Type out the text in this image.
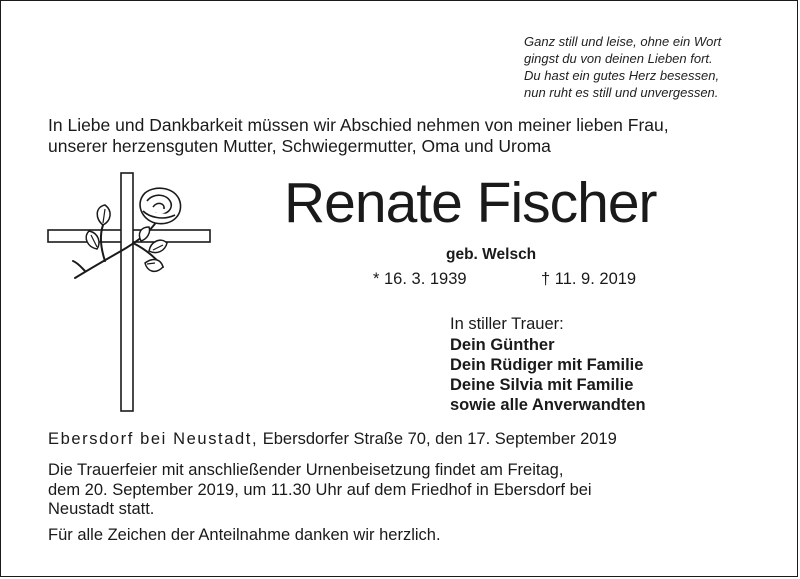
Ganz still und leise, ohne ein Wort
gingst du von deinen Lieben fort.
Du hast ein gutes Herz besessen,
nun ruht es still und unvergessen.
In Liebe und Dankbarkeit müssen wir Abschied nehmen von meiner lieben Frau,
unserer herzensguten Mutter, Schwiegermutter, Oma und Uroma
Renate Fischer
geb. Welsch
* 16. 3. 1939	† 11. 9. 2019
In stiller Trauer:
Dein Günther
Dein Rüdiger mit Familie
Deine Silvia mit Familie
sowie alle Anverwandten
Ebersdorf bei Neustadt, Ebersdorfer Straße 70, den 17. September 2019
Die Trauerfeier mit anschließender Urnenbeisetzung findet am Freitag,
dem 20. September 2019, um 11.30 Uhr auf dem Friedhof in Ebersdorf bei
Neustadt statt.
Für alle Zeichen der Anteilnahme danken wir herzlich.
